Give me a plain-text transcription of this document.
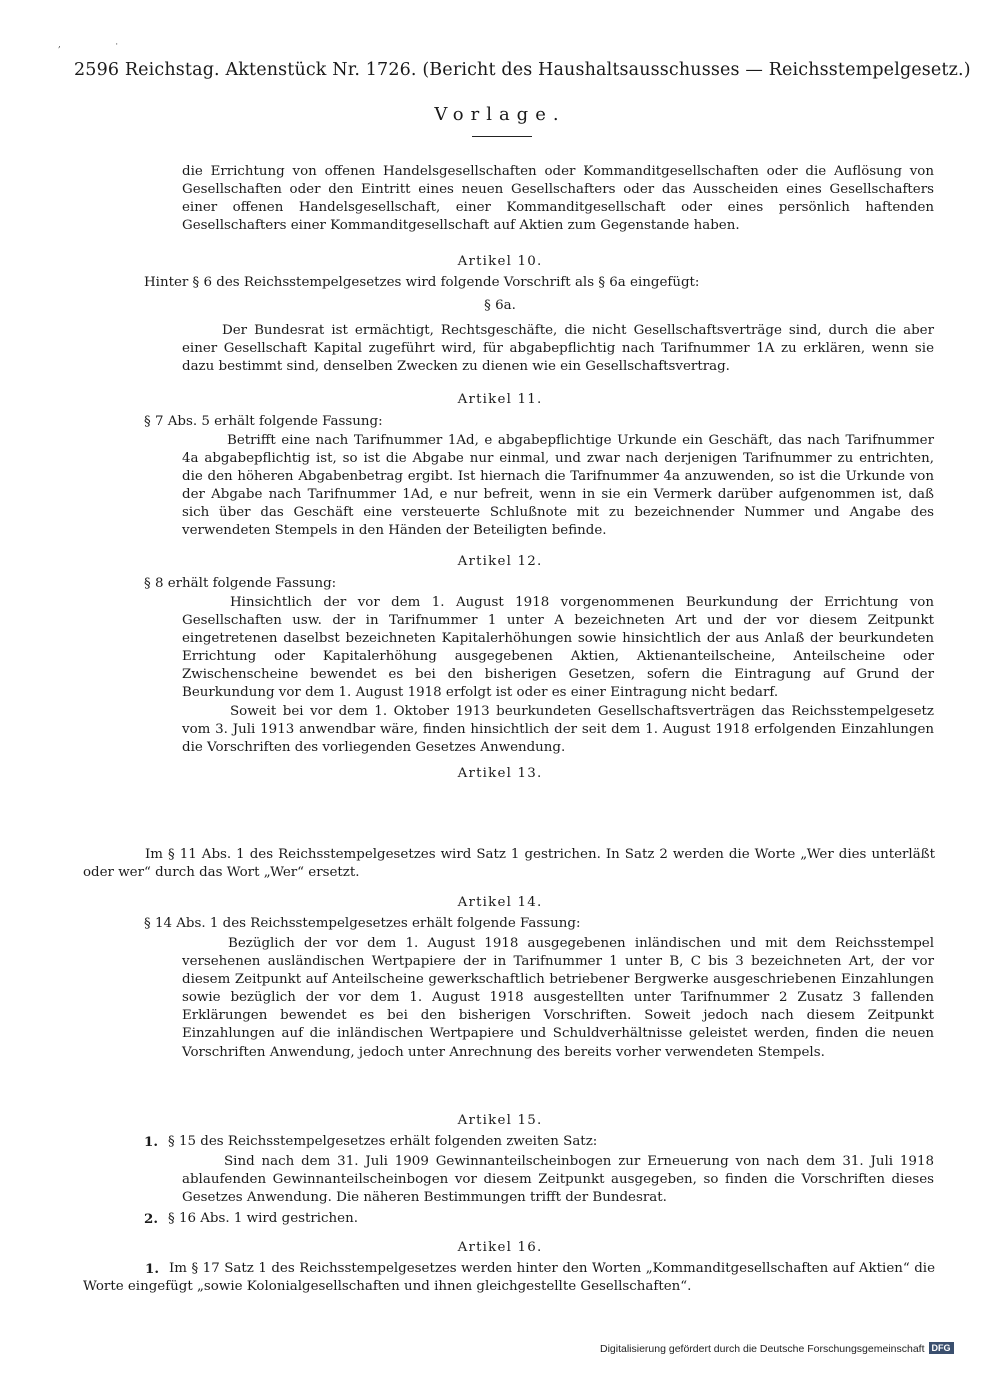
,                   ·
2596 Reichstag. Aktenstück Nr. 1726. (Bericht des Haushaltsausschusses — Reichsstempelgesetz.)
Vorlage.
die Errichtung von offenen Handelsgesellschaften oder Kommanditgesellschaften oder die Auflösung von Gesellschaften oder den Eintritt eines neuen Gesellschafters oder das Ausscheiden eines Gesellschafters einer offenen Handelsgesellschaft, einer Kommanditgesellschaft oder eines persönlich haftenden Gesellschafters einer Kommanditgesellschaft auf Aktien zum Gegenstande haben.
Artikel 10.
Hinter § 6 des Reichsstempelgesetzes wird folgende Vorschrift als § 6a eingefügt:
§ 6a.
Der Bundesrat ist ermächtigt, Rechtsgeschäfte, die nicht Gesellschaftsverträge sind, durch die aber einer Gesellschaft Kapital zugeführt wird, für abgabepflichtig nach Tarifnummer 1A zu erklären, wenn sie dazu bestimmt sind, denselben Zwecken zu dienen wie ein Gesellschaftsvertrag.
Artikel 11.
§ 7 Abs. 5 erhält folgende Fassung:
Betrifft eine nach Tarifnummer 1Ad, e abgabepflichtige Urkunde ein Geschäft, das nach Tarifnummer 4a abgabepflichtig ist, so ist die Abgabe nur einmal, und zwar nach derjenigen Tarifnummer zu entrichten, die den höheren Abgabenbetrag ergibt. Ist hiernach die Tarifnummer 4a anzuwenden, so ist die Urkunde von der Abgabe nach Tarifnummer 1Ad, e nur befreit, wenn in sie ein Vermerk darüber aufgenommen ist, daß sich über das Geschäft eine versteuerte Schlußnote mit zu bezeichnender Nummer und Angabe des verwendeten Stempels in den Händen der Beteiligten befinde.
Artikel 12.
§ 8 erhält folgende Fassung:
Hinsichtlich der vor dem 1. August 1918 vorgenommenen Beurkundung der Errichtung von Gesellschaften usw. der in Tarifnummer 1 unter A bezeichneten Art und der vor diesem Zeitpunkt eingetretenen daselbst bezeichneten Kapitalerhöhungen sowie hinsichtlich der aus Anlaß der beurkundeten Errichtung oder Kapitalerhöhung ausgegebenen Aktien, Aktienanteilscheine, Anteilscheine oder Zwischenscheine bewendet es bei den bisherigen Gesetzen, sofern die Eintragung auf Grund der Beurkundung vor dem 1. August 1918 erfolgt ist oder es einer Eintragung nicht bedarf.
Soweit bei vor dem 1. Oktober 1913 beurkundeten Gesellschaftsverträgen das Reichsstempelgesetz vom 3. Juli 1913 anwendbar wäre, finden hinsichtlich der seit dem 1. August 1918 erfolgenden Einzahlungen die Vorschriften des vorliegenden Gesetzes Anwendung.
Artikel 13.
Im § 11 Abs. 1 des Reichsstempelgesetzes wird Satz 1 gestrichen. In Satz 2 werden die Worte „Wer dies unterläßt oder wer“ durch das Wort „Wer“ ersetzt.
Artikel 14.
§ 14 Abs. 1 des Reichsstempelgesetzes erhält folgende Fassung:
Bezüglich der vor dem 1. August 1918 ausgegebenen inländischen und mit dem Reichsstempel versehenen ausländischen Wertpapiere der in Tarifnummer 1 unter B, C bis 3 bezeichneten Art, der vor diesem Zeitpunkt auf Anteilscheine gewerkschaftlich betriebener Bergwerke ausgeschriebenen Einzahlungen sowie bezüglich der vor dem 1. August 1918 ausgestellten unter Tarifnummer 2 Zusatz 3 fallenden Erklärungen bewendet es bei den bisherigen Vorschriften. Soweit jedoch nach diesem Zeitpunkt Einzahlungen auf die inländischen Wertpapiere und Schuldverhältnisse geleistet werden, finden die neuen Vorschriften Anwendung, jedoch unter Anrechnung des bereits vorher verwendeten Stempels.
Artikel 15.
1. § 15 des Reichsstempelgesetzes erhält folgenden zweiten Satz:
Sind nach dem 31. Juli 1909 Gewinnanteilscheinbogen zur Erneuerung von nach dem 31. Juli 1918 ablaufenden Gewinnanteilscheinbogen vor diesem Zeitpunkt ausgegeben, so finden die Vorschriften dieses Gesetzes Anwendung. Die näheren Bestimmungen trifft der Bundesrat.
2. § 16 Abs. 1 wird gestrichen.
Artikel 16.
1. Im § 17 Satz 1 des Reichsstempelgesetzes werden hinter den Worten „Kommanditgesellschaften auf Aktien“ die Worte eingefügt „sowie Kolonialgesellschaften und ihnen gleichgestellte Gesellschaften“.
Digitalisierung gefördert durch die Deutsche Forschungsgemeinschaft DFG
